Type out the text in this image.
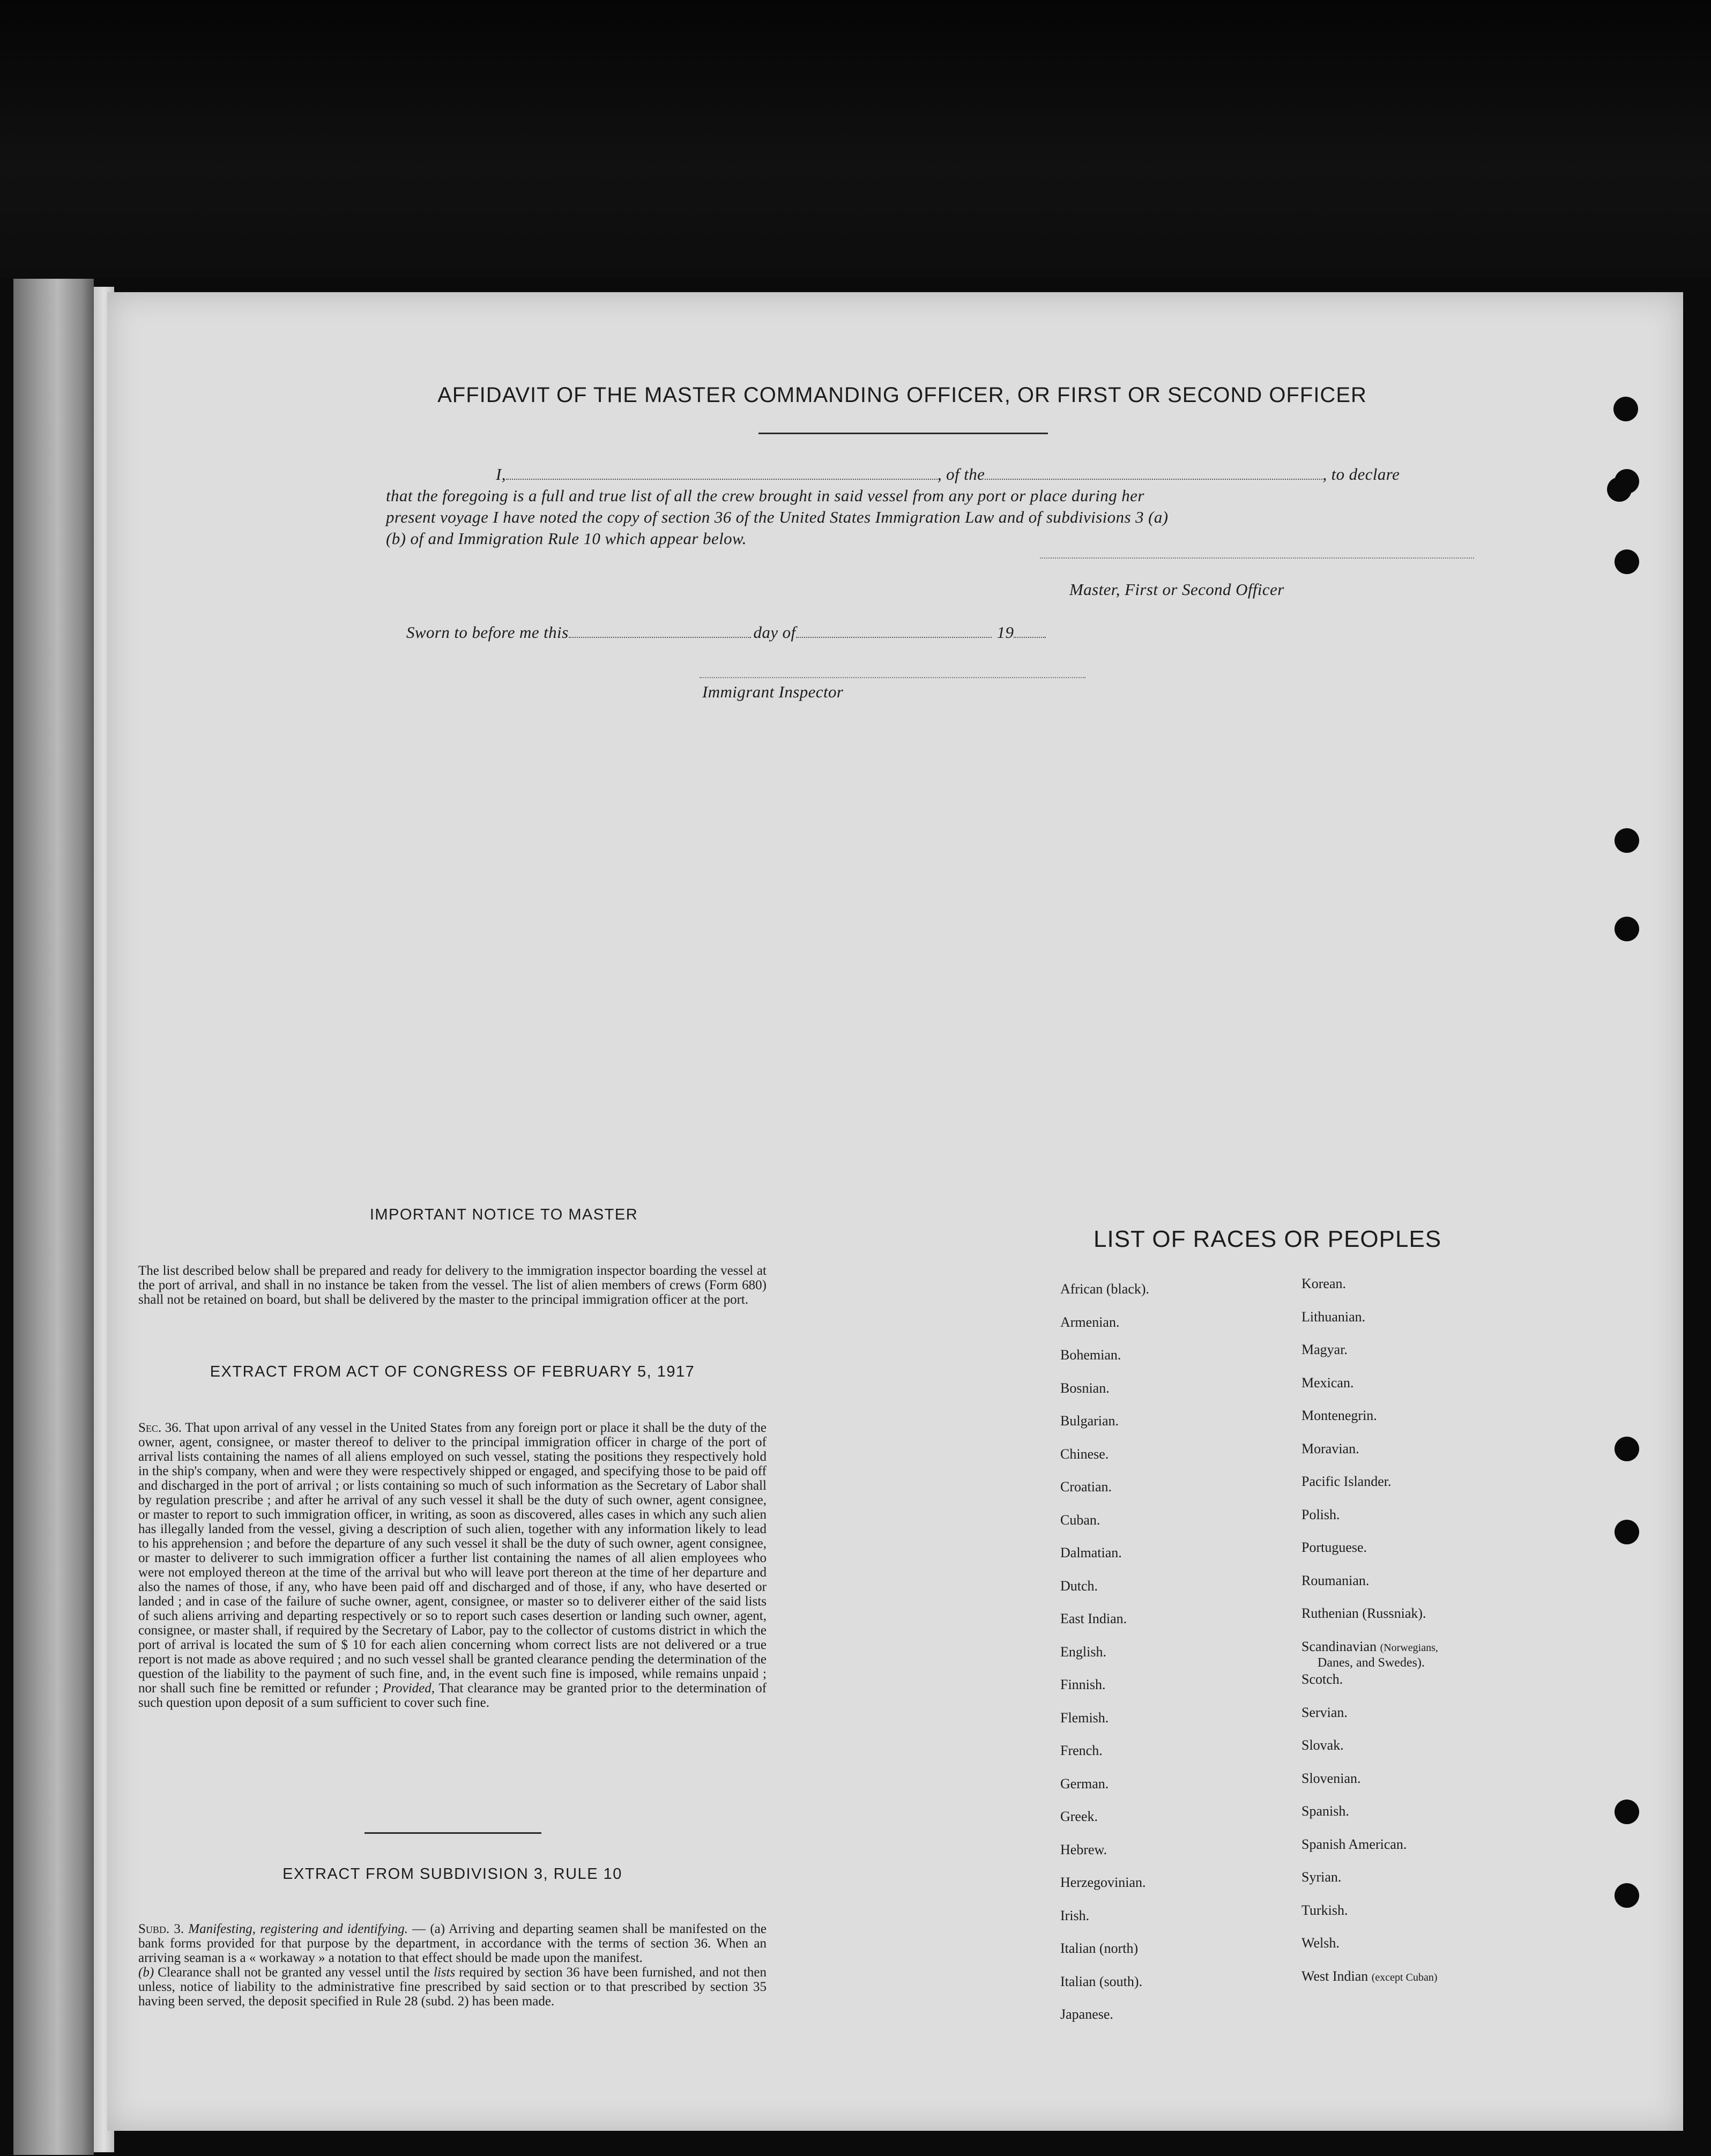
AFFIDAVIT OF THE MASTER COMMANDING OFFICER, OR FIRST OR SECOND OFFICER
I,	, of the	, to declare
that the foregoing is a full and true list of all the crew brought in said vessel from any port or place during her
present voyage I have noted the copy of section 36 of the United States Immigration Law and of subdivisions 3 (a)
(b) of and Immigration Rule 10 which appear below.
Master, First or Second Officer
Sworn to before me this	day of	19
Immigrant Inspector
IMPORTANT NOTICE TO MASTER
The list described below shall be prepared and ready for delivery to the immigration inspector boarding the vessel at the port of arrival, and shall in no instance be taken from the vessel. The list of alien members of crews (Form 680) shall not be retained on board, but shall be delivered by the master to the principal immigration officer at the port.
EXTRACT FROM ACT OF CONGRESS OF FEBRUARY 5, 1917
Sec. 36. That upon arrival of any vessel in the United States from any foreign port or place it shall be the duty of the owner, agent, consignee, or master thereof to deliver to the principal immigration officer in charge of the port of arrival lists containing the names of all aliens employed on such vessel, stating the positions they respectively hold in the ship's company, when and were they were respectively shipped or engaged, and specifying those to be paid off and discharged in the port of arrival ; or lists containing so much of such information as the Secretary of Labor shall by regulation prescribe ; and after he arrival of any such vessel it shall be the duty of such owner, agent consignee, or master to report to such immigration officer, in writing, as soon as discovered, alles cases in which any such alien has illegally landed from the vessel, giving a description of such alien, together with any information likely to lead to his apprehension ; and before the departure of any such vessel it shall be the duty of such owner, agent consignee, or master to deliverer to such immigration officer a further list containing the names of all alien employees who were not employed thereon at the time of the arrival but who will leave port thereon at the time of her departure and also the names of those, if any, who have been paid off and discharged and of those, if any, who have deserted or landed ; and in case of the failure of suche owner, agent, consignee, or master so to deliverer either of the said lists of such aliens arriving and departing respectively or so to report such cases desertion or landing such owner, agent, consignee, or master shall, if required by the Secretary of Labor, pay to the collector of customs district in which the port of arrival is located the sum of $ 10 for each alien concerning whom correct lists are not delivered or a true report is not made as above required ; and no such vessel shall be granted clearance pending the determination of the question of the liability to the payment of such fine, and, in the event such fine is imposed, while remains unpaid ; nor shall such fine be remitted or refunder ; Provided, That clearance may be granted prior to the determination of such question upon deposit of a sum sufficient to cover such fine.
EXTRACT FROM SUBDIVISION 3, RULE 10
Subd. 3. Manifesting, registering and identifying. — (a) Arriving and departing seamen shall be manifested on the bank forms provided for that purpose by the department, in accordance with the terms of section 36. When an arriving seaman is a « workaway » a notation to that effect should be made upon the manifest.
(b) Clearance shall not be granted any vessel until the lists required by section 36 have been furnished, and not then unless, notice of liability to the administrative fine prescribed by said section or to that prescribed by section 35 having been served, the deposit specified in Rule 28 (subd. 2) has been made.
LIST OF RACES OR PEOPLES
African (black).
Armenian.
Bohemian.
Bosnian.
Bulgarian.
Chinese.
Croatian.
Cuban.
Dalmatian.
Dutch.
East Indian.
English.
Finnish.
Flemish.
French.
German.
Greek.
Hebrew.
Herzegovinian.
Irish.
Italian (north)
Italian (south).
Japanese.
Korean.
Lithuanian.
Magyar.
Mexican.
Montenegrin.
Moravian.
Pacific Islander.
Polish.
Portuguese.
Roumanian.
Ruthenian (Russniak).
Danes, and Swedes).
Scandinavian (Norwegians,
Scotch.
Servian.
Slovak.
Slovenian.
Spanish.
Spanish American.
Syrian.
Turkish.
Welsh.
West Indian (except Cuban)
